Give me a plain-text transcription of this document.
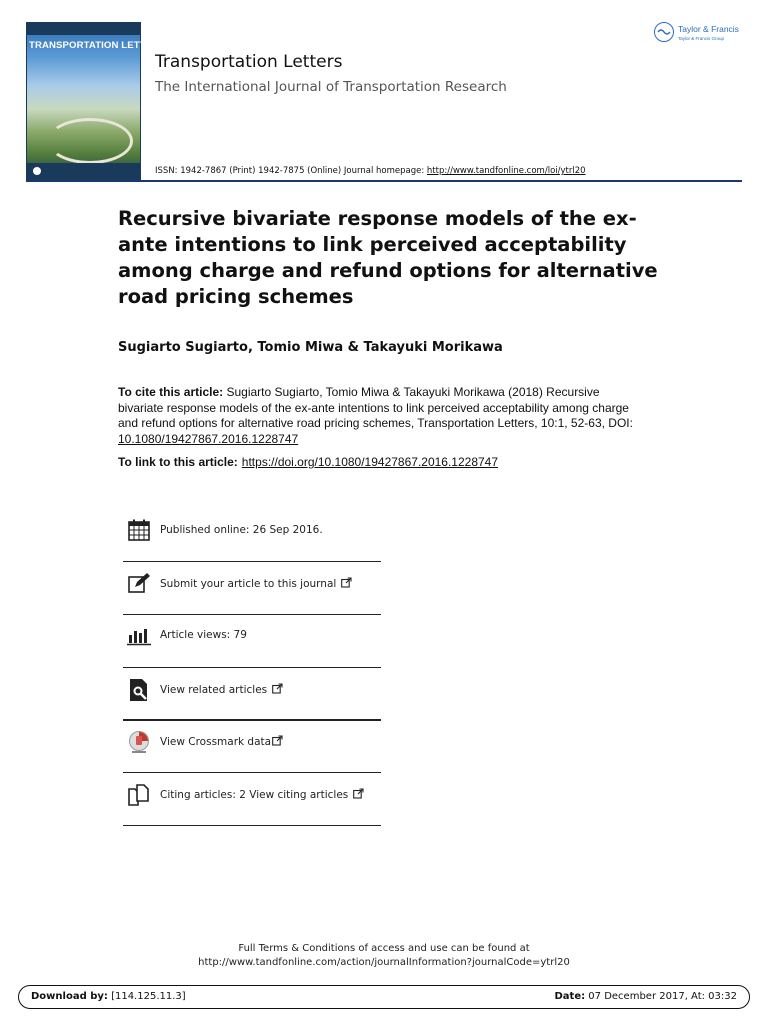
TRANSPORTATION LETTERS
Transportation Letters
The International Journal of Transportation Research
ISSN: 1942-7867 (Print) 1942-7875 (Online) Journal homepage: http://www.tandfonline.com/loi/ytrl20
Taylor & Francis
Taylor & Francis Group
Recursive bivariate response models of the ex-ante intentions to link perceived acceptability among charge and refund options for alternative road pricing schemes
Sugiarto Sugiarto, Tomio Miwa & Takayuki Morikawa
To cite this article: Sugiarto Sugiarto, Tomio Miwa & Takayuki Morikawa (2018) Recursive bivariate response models of the ex-ante intentions to link perceived acceptability among charge and refund options for alternative road pricing schemes, Transportation Letters, 10:1, 52-63, DOI: 10.1080/19427867.2016.1228747
To link to this article: https://doi.org/10.1080/19427867.2016.1228747
Published online: 26 Sep 2016.
Submit your article to this journal
Article views: 79
View related articles
View Crossmark data
Citing articles: 2 View citing articles
Full Terms & Conditions of access and use can be found at
http://www.tandfonline.com/action/journalInformation?journalCode=ytrl20
Download by: [114.125.11.3]	Date: 07 December 2017, At: 03:32
